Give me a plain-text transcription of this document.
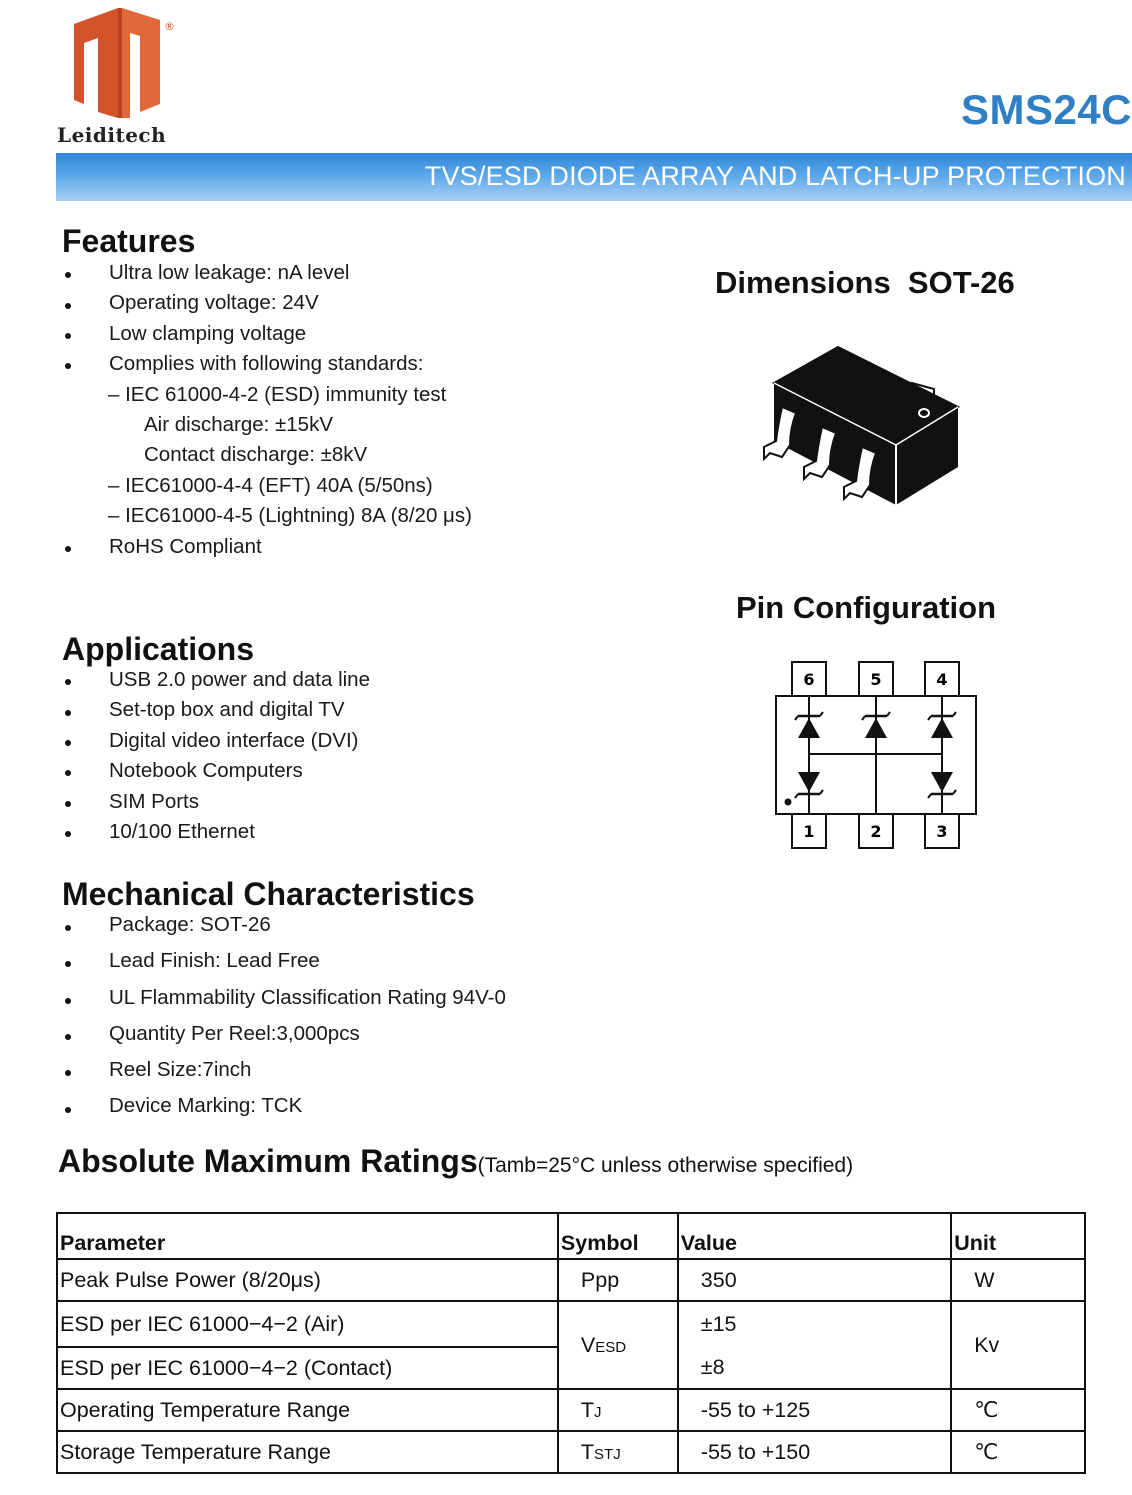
®
Leiditech
SMS24C
TVS/ESD DIODE ARRAY AND LATCH-UP PROTECTION
Features
Ultra low leakage: nA level
Operating voltage: 24V
Low clamping voltage
Complies with following standards:
– IEC 61000-4-2 (ESD) immunity test
Air discharge: ±15kV
Contact discharge: ±8kV
– IEC61000-4-4 (EFT) 40A (5/50ns)
– IEC61000-4-5 (Lightning) 8A (8/20 μs)
RoHS Compliant
Dimensions  SOT-26
Pin Configuration
6	5	4
1	2	3
Applications
USB 2.0 power and data line
Set-top box and digital TV
Digital video interface (DVI)
Notebook Computers
SIM Ports
10/100 Ethernet
Mechanical Characteristics
Package: SOT-26
Lead Finish: Lead Free
UL Flammability Classification Rating 94V-0
Quantity Per Reel:3,000pcs
Reel Size:7inch
Device Marking: TCK
Absolute Maximum Ratings(Tamb=25°C unless otherwise specified)
Parameter	Symbol	Value	Unit
Peak Pulse Power (8/20μs)	Ppp	350	W
ESD per IEC 61000−4−2 (Air)	VESD	±15	Kv
ESD per IEC 61000−4−2 (Contact)		±8	
Operating Temperature Range	TJ	-55 to +125	℃
Storage Temperature Range	TSTJ	-55 to +150	℃
